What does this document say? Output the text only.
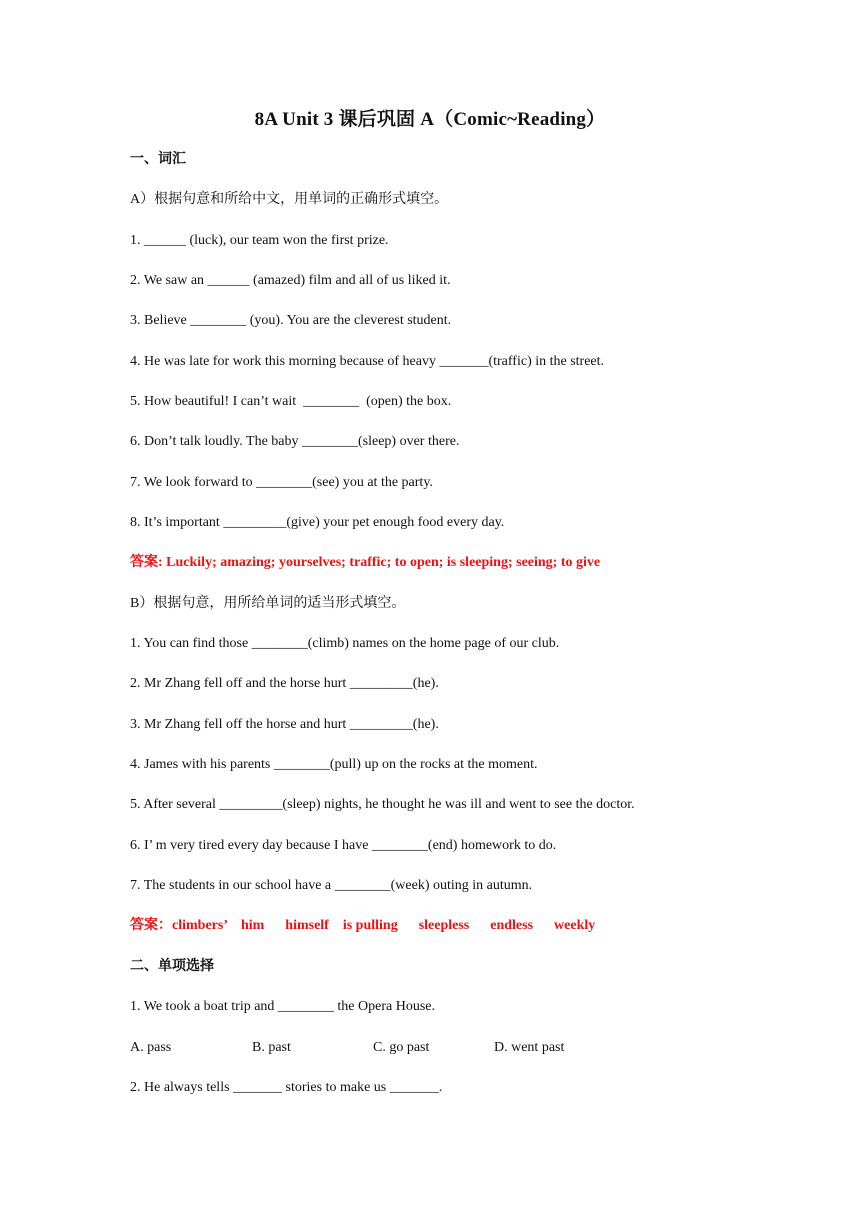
8A Unit 3 课后巩固 A（Comic~Reading）
一、词汇
A）根据句意和所给中文，用单词的正确形式填空。
1. ______ (luck), our team won the first prize.
2. We saw an ______ (amazed) film and all of us liked it.
3. Believe ________ (you). You are the cleverest student.
4. He was late for work this morning because of heavy _______(traffic) in the street.
5. How beautiful! I can’t wait  ________  (open) the box.
6. Don’t talk loudly. The baby ________(sleep) over there.
7. We look forward to ________(see) you at the party.
8. It’s important _________(give) your pet enough food every day.
答案: Luckily; amazing; yourselves; traffic; to open; is sleeping; seeing; to give
B）根据句意，用所给单词的适当形式填空。
1. You can find those ________(climb) names on the home page of our club.
2. Mr Zhang fell off and the horse hurt _________(he).
3. Mr Zhang fell off the horse and hurt _________(he).
4. James with his parents ________(pull) up on the rocks at the moment.
5. After several _________(sleep) nights, he thought he was ill and went to see the doctor.
6. I’ m very tired every day because I have ________(end) homework to do.
7. The students in our school have a ________(week) outing in autumn.
答案：climbers’    him      himself    is pulling      sleepless      endless      weekly
二、单项选择
1. We took a boat trip and ________ the Opera House.
A. pass	B. past	C. go past	D. went past
2. He always tells _______ stories to make us _______.
